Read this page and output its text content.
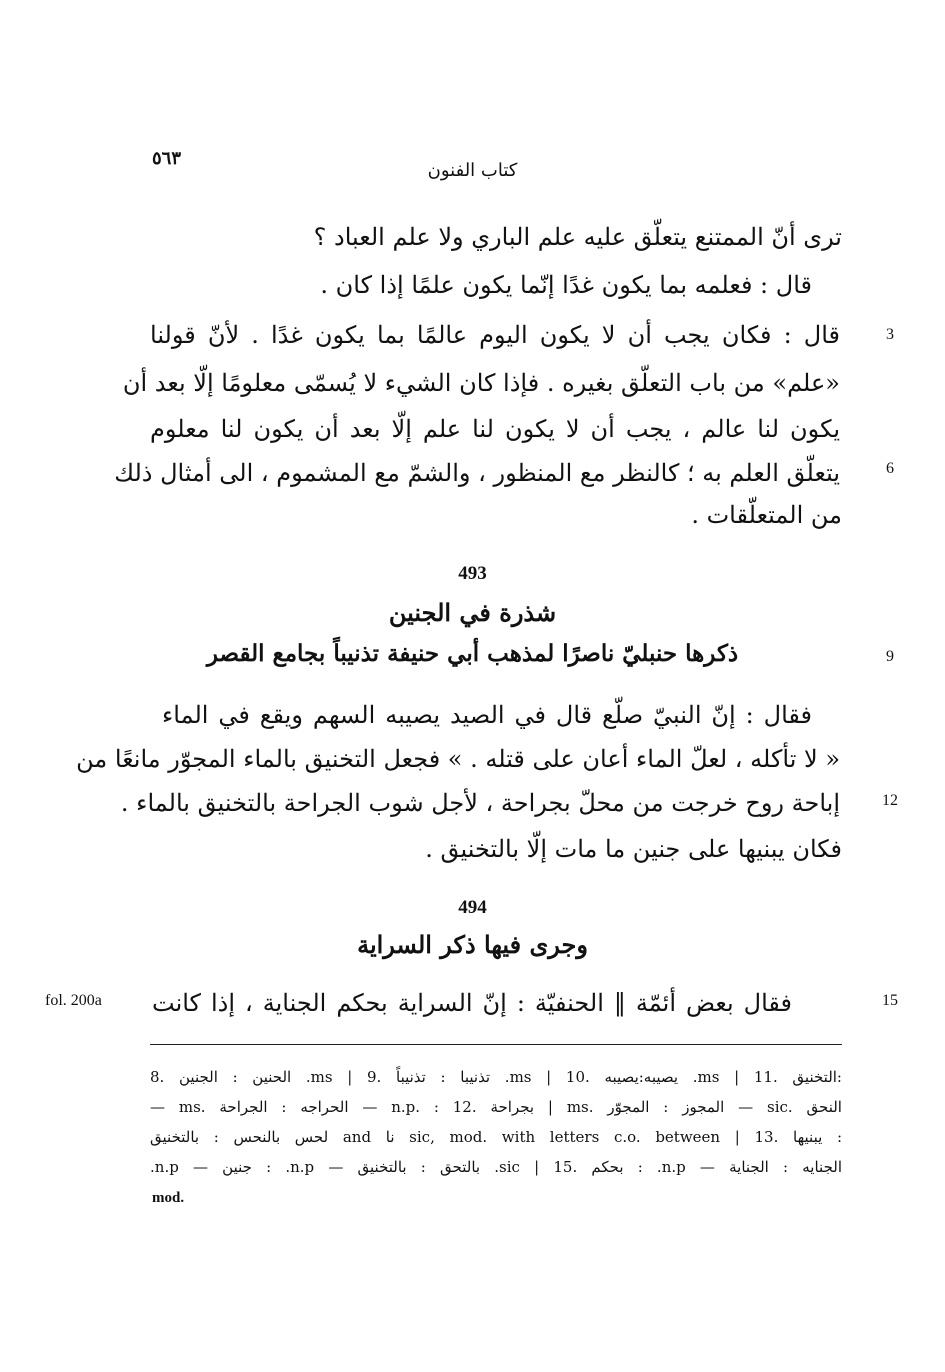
٥٦٣
كتاب الفنون
ترى أنّ الممتنع يتعلّق عليه علم الباري ولا علم العباد ؟
قال : فعلمه بما يكون غدًا إنّما يكون علمًا إذا كان .
قال : فكان يجب أن لا يكون اليوم عالمًا بما يكون غدًا . لأنّ قولنا	3
«علم» من باب التعلّق بغيره . فإذا كان الشيء لا يُسمّى معلومًا إلّا بعد أن
يكون لنا عالم ، يجب أن لا يكون لنا علم إلّا بعد أن يكون لنا معلوم
يتعلّق العلم به ؛ كالنظر مع المنظور ، والشمّ مع المشموم ، الى أمثال ذلك	6
من المتعلّقات .
493
شذرة في الجنين
ذكرها حنبليّ ناصرًا لمذهب أبي حنيفة تذنيباً بجامع القصر	9
فقال : إنّ النبيّ صلّع قال في الصيد يصيبه السهم ويقع في الماء
« لا تأكله ، لعلّ الماء أعان على قتله . » فجعل التخنيق بالماء المجوّر مانعًا من
إباحة روح خرجت من محلّ بجراحة ، لأجل شوب الجراحة بالتخنيق بالماء .	12
فكان يبنيها على جنين ما مات إلّا بالتخنيق .
494
وجرى فيها ذكر السراية
fol. 200a فقال بعض أئمّة ‖ الحنفيّة : إنّ السراية بحكم الجناية ، إذا كانت	15
:التخنيق .11 | ms. يصيبه:يصيبه .10 | ms. تذنيبا : تذنيباً .9 | ms. الحنين : الجنين .8
— ms. الحراجه : الجراحة — n.p. : بجراحة .12 | ms. المجوز : المجوّر — sic. النحق
: يبنيها .13 | sic, mod. with letters c.o. between نا and لحس بالنحس : بالتخنيق
الجنايه : الجناية — n.p. : بحكم .15 | sic. بالتحق : بالتخنيق — n.p. : جنين — n.p.
mod.
